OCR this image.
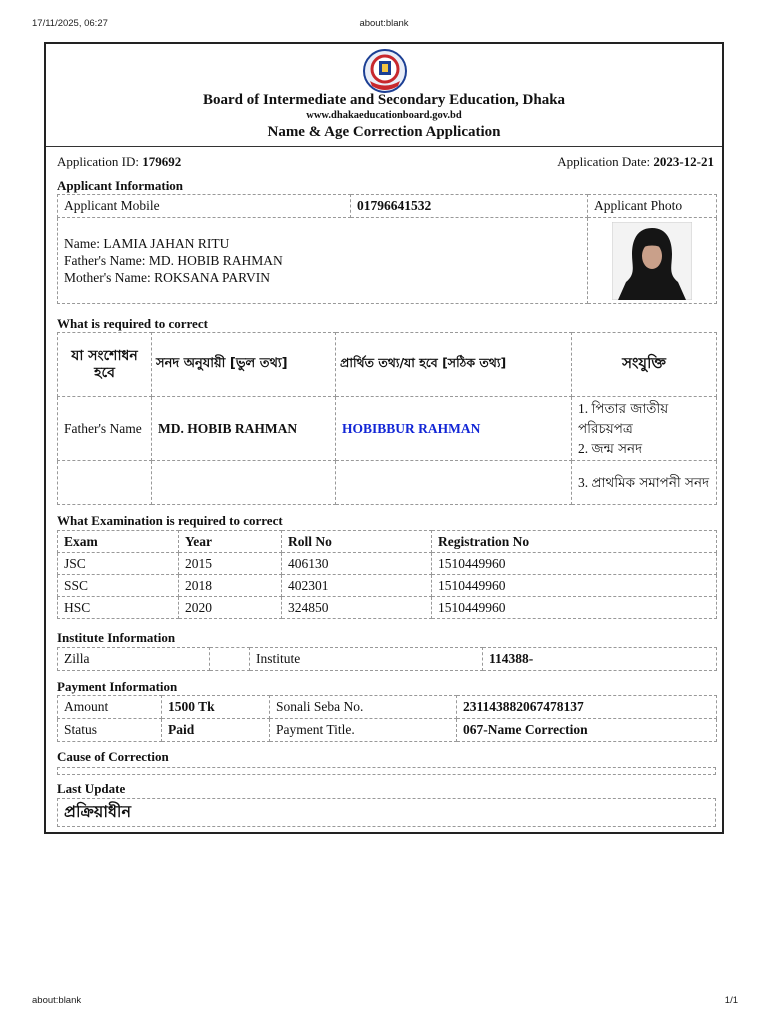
17/11/2025, 06:27	about:blank
Board of Intermediate and Secondary Education, Dhaka
www.dhakaeducationboard.gov.bd
Name & Age Correction Application
Application ID: 179692	Application Date: 2023-12-21
Applicant Information
Applicant Mobile	01796641532	Applicant Photo

Name: LAMIA JAHAN RITU
Father's Name: MD. HOBIB RAHMAN
Mother's Name: ROKSANA PARVIN

What is required to correct
যা সংশোধন হবে	সনদ অনুযায়ী [ভুল তথ্য]	প্রার্থিত তথ্য/যা হবে [সঠিক তথ্য]	সংযুক্তি
Father's Name	MD. HOBIB RAHMAN	HOBIBBUR RAHMAN	1. পিতার জাতীয় পরিচয়পত্র
2. জন্ম সনদ

			3. প্রাথমিক সমাপনী সনদ
What Examination is required to correct
Exam	Year	Roll No	Registration No
JSC	2015	406130	1510449960
SSC	2018	402301	1510449960
HSC	2020	324850	1510449960
Institute Information
Zilla		Institute	114388-
Payment Information
Amount	1500 Tk	Sonali Seba No.	231143882067478137
Status	Paid	Payment Title.	067-Name Correction
Cause of Correction
Last Update
প্রক্রিয়াধীন
about:blank	1/1
